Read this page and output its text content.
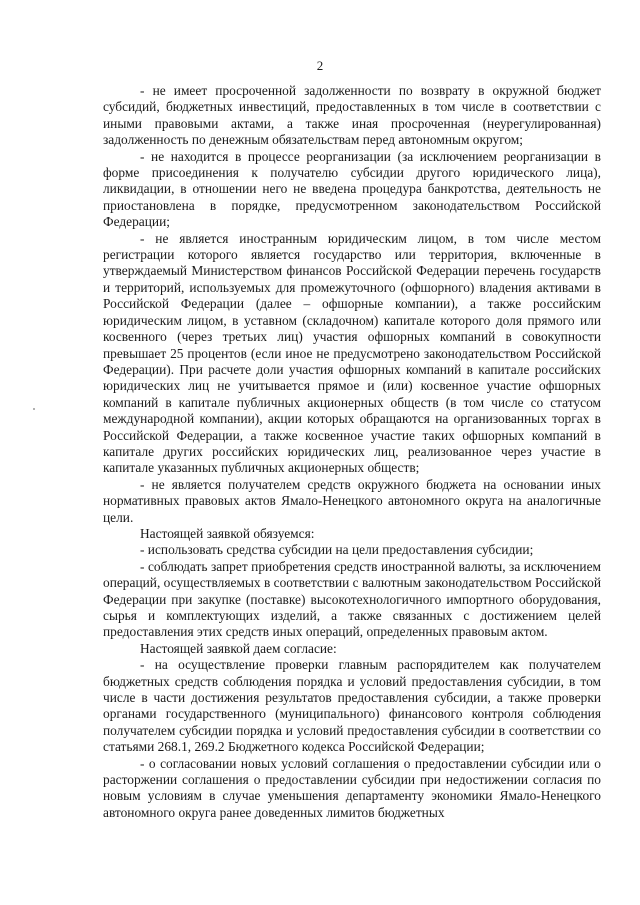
2

- не имеет просроченной задолженности по возврату в окружной бюджет субсидий, бюджетных инвестиций, предоставленных в том числе в соответствии с иными правовыми актами, а также иная просроченная (неурегулированная) задолженность по денежным обязательствам перед автономным округом;

- не находится в процессе реорганизации (за исключением реорганизации в форме присоединения к получателю субсидии другого юридического лица), ликвидации, в отношении него не введена процедура банкротства, деятельность не приостановлена в порядке, предусмотренном законодательством Российской Федерации;

- не является иностранным юридическим лицом, в том числе местом регистрации которого является государство или территория, включенные в утверждаемый Министерством финансов Российской Федерации перечень государств и территорий, используемых для промежуточного (офшорного) владения активами в Российской Федерации (далее – офшорные компании), а также российским юридическим лицом, в уставном (складочном) капитале которого доля прямого или косвенного (через третьих лиц) участия офшорных компаний в совокупности превышает 25 процентов (если иное не предусмотрено законодательством Российской Федерации). При расчете доли участия офшорных компаний в капитале российских юридических лиц не учитывается прямое и (или) косвенное участие офшорных компаний в капитале публичных акционерных обществ (в том числе со статусом международной компании), акции которых обращаются на организованных торгах в Российской Федерации, а также косвенное участие таких офшорных компаний в капитале других российских юридических лиц, реализованное через участие в капитале указанных публичных акционерных обществ;

- не является получателем средств окружного бюджета на основании иных нормативных правовых актов Ямало-Ненецкого автономного округа на аналогичные цели.

Настоящей заявкой обязуемся:

- использовать средства субсидии на цели предоставления субсидии;

- соблюдать запрет приобретения средств иностранной валюты, за исключением операций, осуществляемых в соответствии с валютным законодательством Российской Федерации при закупке (поставке) высокотехнологичного импортного оборудования, сырья и комплектующих изделий, а также связанных с достижением целей предоставления этих средств иных операций, определенных правовым актом.

Настоящей заявкой даем согласие:

- на осуществление проверки главным распорядителем как получателем бюджетных средств соблюдения порядка и условий предоставления субсидии, в том числе в части достижения результатов предоставления субсидии, а также проверки органами государственного (муниципального) финансового контроля соблюдения получателем субсидии порядка и условий предоставления субсидии в соответствии со статьями 268.1, 269.2 Бюджетного кодекса Российской Федерации;

- о согласовании новых условий соглашения о предоставлении субсидии или о расторжении соглашения о предоставлении субсидии при недостижении согласия по новым условиям в случае уменьшения департаменту экономики Ямало-Ненецкого автономного округа ранее доведенных лимитов бюджетных
